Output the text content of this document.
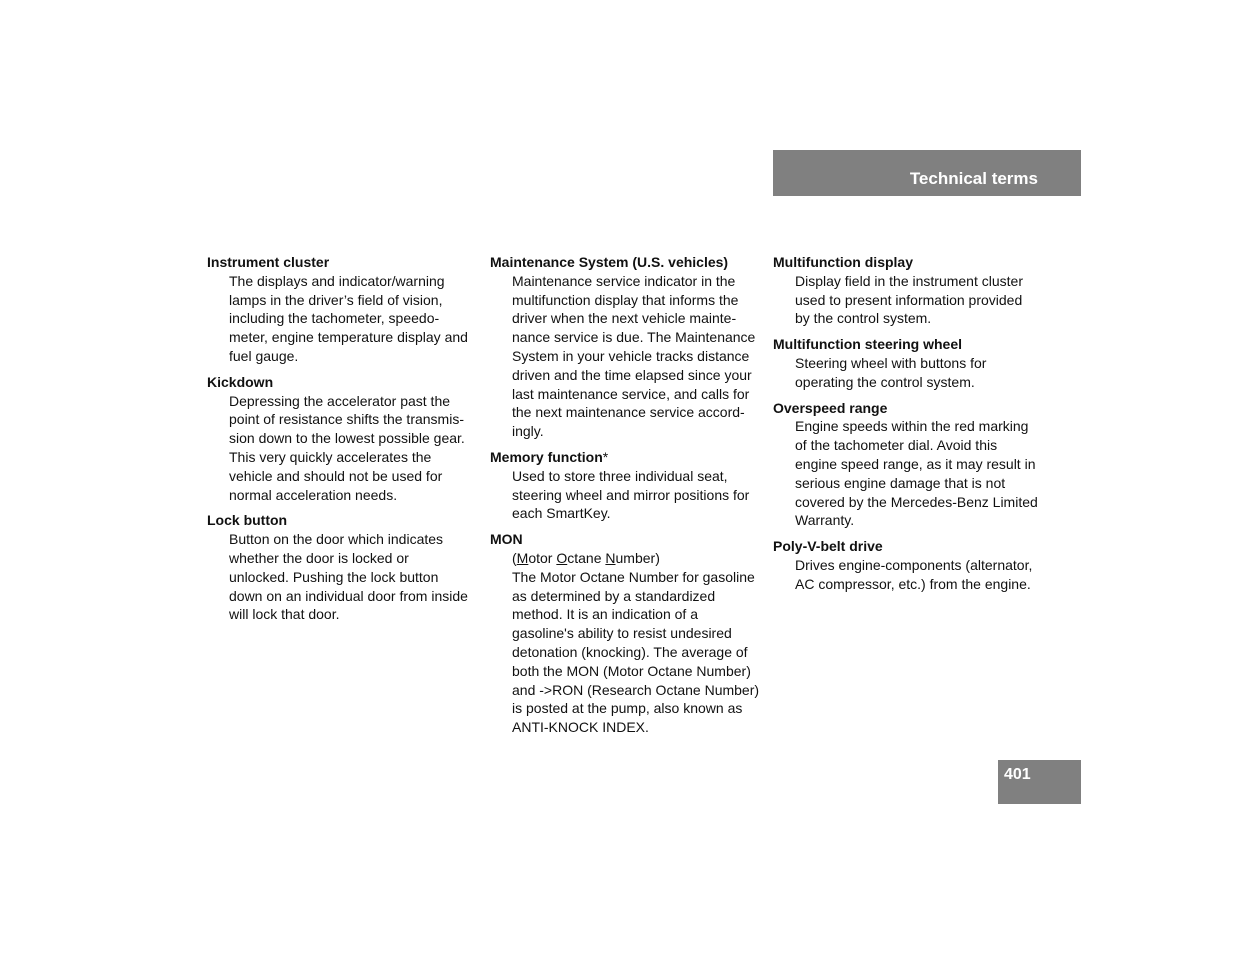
Technical terms
Instrument cluster
The displays and indicator/warning
lamps in the driver’s field of vision,
including the tachometer, speedo-
meter, engine temperature display and
fuel gauge.
Kickdown
Depressing the accelerator past the
point of resistance shifts the transmis-
sion down to the lowest possible gear.
This very quickly accelerates the
vehicle and should not be used for
normal acceleration needs.
Lock button
Button on the door which indicates
whether the door is locked or
unlocked. Pushing the lock button
down on an individual door from inside
will lock that door.
Maintenance System (U.S. vehicles)
Maintenance service indicator in the
multifunction display that informs the
driver when the next vehicle mainte-
nance service is due. The Maintenance
System in your vehicle tracks distance
driven and the time elapsed since your
last maintenance service, and calls for
the next maintenance service accord-
ingly.
Memory function*
Used to store three individual seat,
steering wheel and mirror positions for
each SmartKey.
MON
(Motor Octane Number)
The Motor Octane Number for gasoline
as determined by a standardized
method. It is an indication of a
gasoline's ability to resist undesired
detonation (knocking). The average of
both the MON (Motor Octane Number)
and ->RON (Research Octane Number)
is posted at the pump, also known as
ANTI-KNOCK INDEX.
Multifunction display
Display field in the instrument cluster
used to present information provided
by the control system.
Multifunction steering wheel
Steering wheel with buttons for
operating the control system.
Overspeed range
Engine speeds within the red marking
of the tachometer dial. Avoid this
engine speed range, as it may result in
serious engine damage that is not
covered by the Mercedes-Benz Limited
Warranty.
Poly-V-belt drive
Drives engine-components (alternator,
AC compressor, etc.) from the engine.
401
